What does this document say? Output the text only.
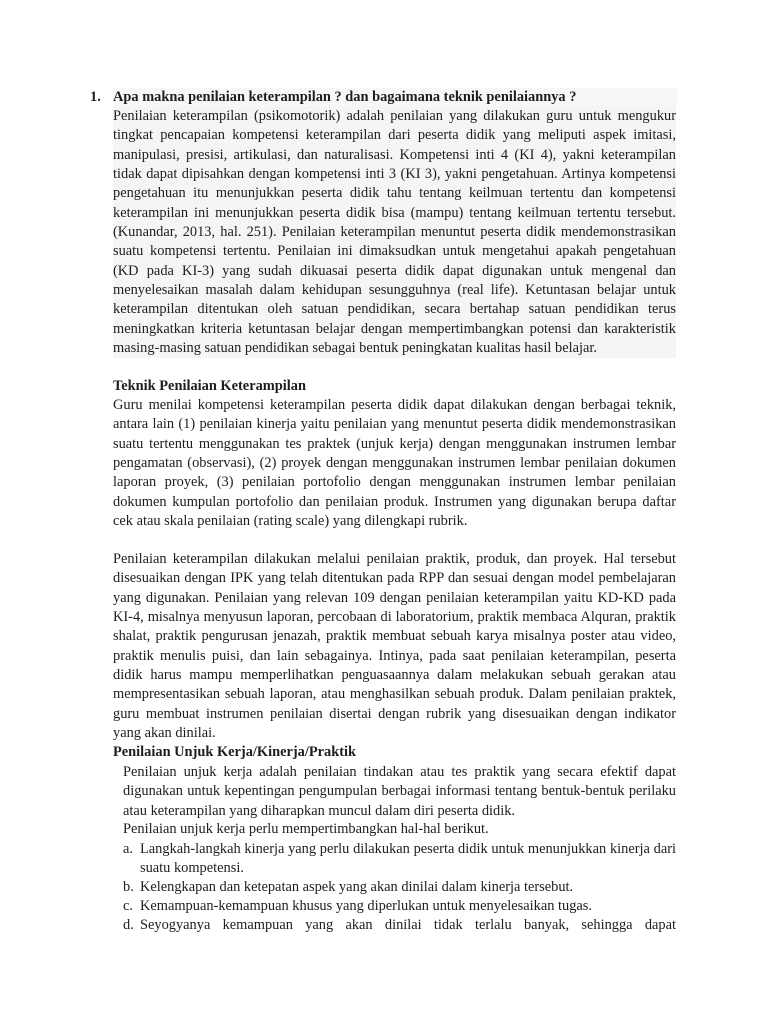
1. Apa makna penilaian keterampilan ? dan bagaimana teknik penilaiannya ?

Penilaian keterampilan (psikomotorik) adalah penilaian yang dilakukan guru untuk mengukur tingkat pencapaian kompetensi keterampilan dari peserta didik yang meliputi aspek imitasi, manipulasi, presisi, artikulasi, dan naturalisasi. Kompetensi inti 4 (KI 4), yakni keterampilan tidak dapat dipisahkan dengan kompetensi inti 3 (KI 3), yakni pengetahuan. Artinya kompetensi pengetahuan itu menunjukkan peserta didik tahu tentang keilmuan tertentu dan kompetensi keterampilan ini menunjukkan peserta didik bisa (mampu) tentang keilmuan tertentu tersebut. (Kunandar, 2013, hal. 251). Penilaian keterampilan menuntut peserta didik mendemonstrasikan suatu kompetensi tertentu. Penilaian ini dimaksudkan untuk mengetahui apakah pengetahuan (KD pada KI-3) yang sudah dikuasai peserta didik dapat digunakan untuk mengenal dan menyelesaikan masalah dalam kehidupan sesungguhnya (real life). Ketuntasan belajar untuk keterampilan ditentukan oleh satuan pendidikan, secara bertahap satuan pendidikan terus meningkatkan kriteria ketuntasan belajar dengan mempertimbangkan potensi dan karakteristik masing-masing satuan pendidikan sebagai bentuk peningkatan kualitas hasil belajar.

Teknik Penilaian Keterampilan

Guru menilai kompetensi keterampilan peserta didik dapat dilakukan dengan berbagai teknik, antara lain (1) penilaian kinerja yaitu penilaian yang menuntut peserta didik mendemonstrasikan suatu tertentu menggunakan tes praktek (unjuk kerja) dengan menggunakan instrumen lembar pengamatan (observasi), (2) proyek dengan menggunakan instrumen lembar penilaian dokumen laporan proyek, (3) penilaian portofolio dengan menggunakan instrumen lembar penilaian dokumen kumpulan portofolio dan penilaian produk. Instrumen yang digunakan berupa daftar cek atau skala penilaian (rating scale) yang dilengkapi rubrik.

Penilaian keterampilan dilakukan melalui penilaian praktik, produk, dan proyek. Hal tersebut disesuaikan dengan IPK yang telah ditentukan pada RPP dan sesuai dengan model pembelajaran yang digunakan. Penilaian yang relevan 109 dengan penilaian keterampilan yaitu KD-KD pada KI-4, misalnya menyusun laporan, percobaan di laboratorium, praktik membaca Alquran, praktik shalat, praktik pengurusan jenazah, praktik membuat sebuah karya misalnya poster atau video, praktik menulis puisi, dan lain sebagainya. Intinya, pada saat penilaian keterampilan, peserta didik harus mampu memperlihatkan penguasaannya dalam melakukan sebuah gerakan atau mempresentasikan sebuah laporan, atau menghasilkan sebuah produk. Dalam penilaian praktek, guru membuat instrumen penilaian disertai dengan rubrik yang disesuaikan dengan indikator yang akan dinilai.

Penilaian Unjuk Kerja/Kinerja/Praktik

Penilaian unjuk kerja adalah penilaian tindakan atau tes praktik yang secara efektif dapat digunakan untuk kepentingan pengumpulan berbagai informasi tentang bentuk-bentuk perilaku atau keterampilan yang diharapkan muncul dalam diri peserta didik.

Penilaian unjuk kerja perlu mempertimbangkan hal-hal berikut.

a. Langkah-langkah kinerja yang perlu dilakukan peserta didik untuk menunjukkan kinerja dari suatu kompetensi.
b. Kelengkapan dan ketepatan aspek yang akan dinilai dalam kinerja tersebut.
c. Kemampuan-kemampuan khusus yang diperlukan untuk menyelesaikan tugas.
d. Seyogyanya kemampuan yang akan dinilai tidak terlalu banyak, sehingga dapat
